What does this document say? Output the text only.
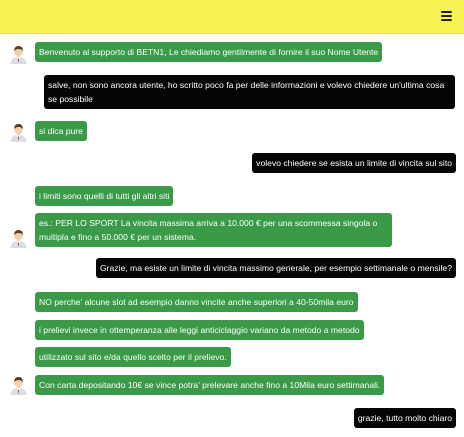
Benvenuto al supporto di BETN1, Le chiediamo gentilmente di fornire il suo Nome Utente
salve, non sono ancora utente, ho scritto poco fa per delle informazioni e volevo chiedere un'ultima cosa se possibile
si dica pure
volevo chiedere se esista un limite di vincita sul sito
i limiti sono quelli di tutti gli altri siti
es.: PER LO SPORT La vincita massima arriva a 10.000 € per una scommessa singola o multipla e fino a 50.000 € per un sistema.
Grazie, ma esiste un limite di vincita massimo generale, per esempio settimanale o mensile?
NO perche' alcune slot ad esempio danno vincite anche superiori a 40-50mila euro
i prelievi invece in ottemperanza alle leggi anticiclaggio variano da metodo a metodo
utilizzato sul sito e/da quello scelto per il prelievo.
Con carta depositando 10€ se vince potra' prelevare anche fino a 10Mila euro settimanali.
grazie, tutto molto chiaro
